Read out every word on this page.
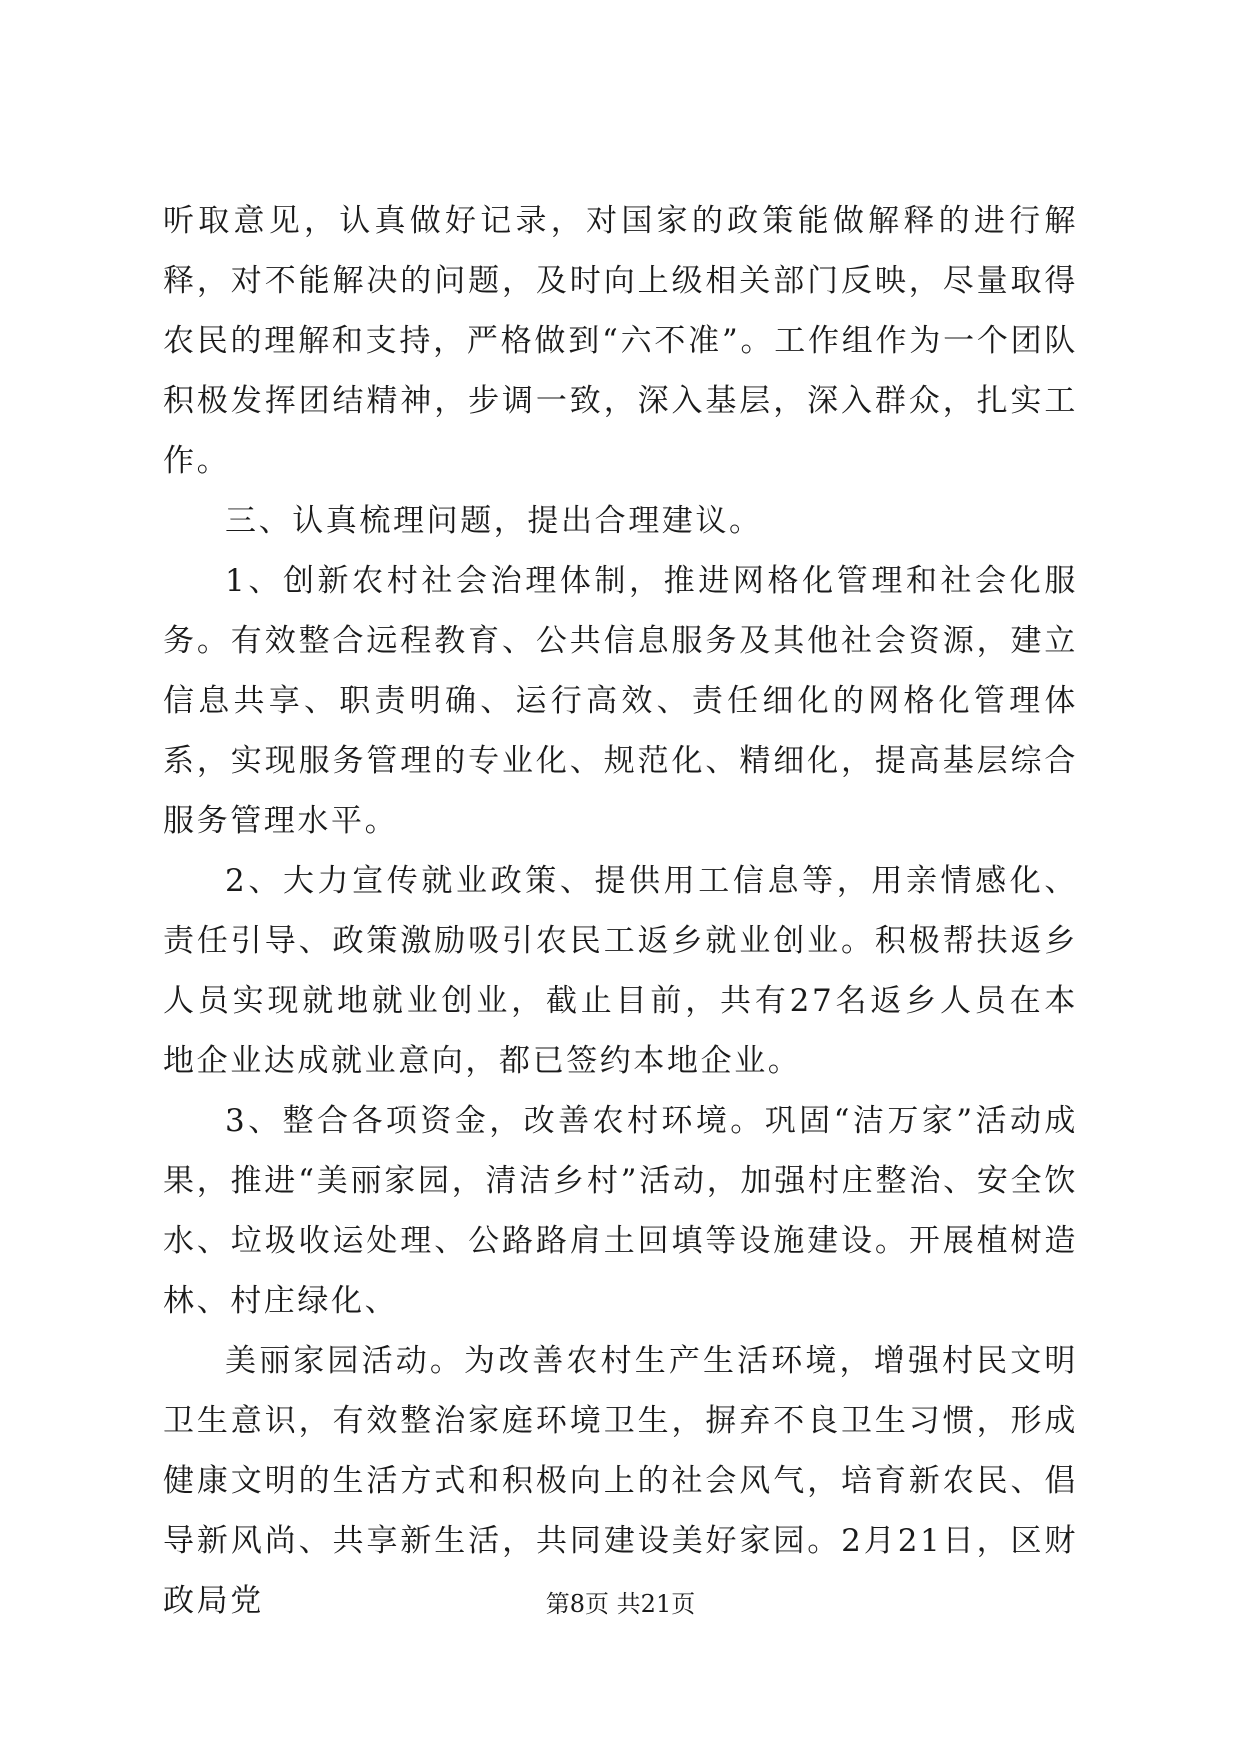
听取意见，认真做好记录，对国家的政策能做解释的进行解释，对不能解决的问题，及时向上级相关部门反映，尽量取得农民的理解和支持，严格做到“六不准”。工作组作为一个团队积极发挥团结精神，步调一致，深入基层，深入群众，扎实工作。

三、认真梳理问题，提出合理建议。

1、创新农村社会治理体制，推进网格化管理和社会化服务。有效整合远程教育、公共信息服务及其他社会资源，建立信息共享、职责明确、运行高效、责任细化的网格化管理体系，实现服务管理的专业化、规范化、精细化，提高基层综合服务管理水平。

2、大力宣传就业政策、提供用工信息等，用亲情感化、责任引导、政策激励吸引农民工返乡就业创业。积极帮扶返乡人员实现就地就业创业，截止目前，共有27名返乡人员在本地企业达成就业意向，都已签约本地企业。

3、整合各项资金，改善农村环境。巩固“洁万家”活动成果，推进“美丽家园，清洁乡村”活动，加强村庄整治、安全饮水、垃圾收运处理、公路路肩土回填等设施建设。开展植树造林、村庄绿化、

美丽家园活动。为改善农村生产生活环境，增强村民文明卫生意识，有效整治家庭环境卫生，摒弃不良卫生习惯，形成健康文明的生活方式和积极向上的社会风气，培育新农民、倡导新风尚、共享新生活，共同建设美好家园。2月21日，区财政局党	第8页 共21页
